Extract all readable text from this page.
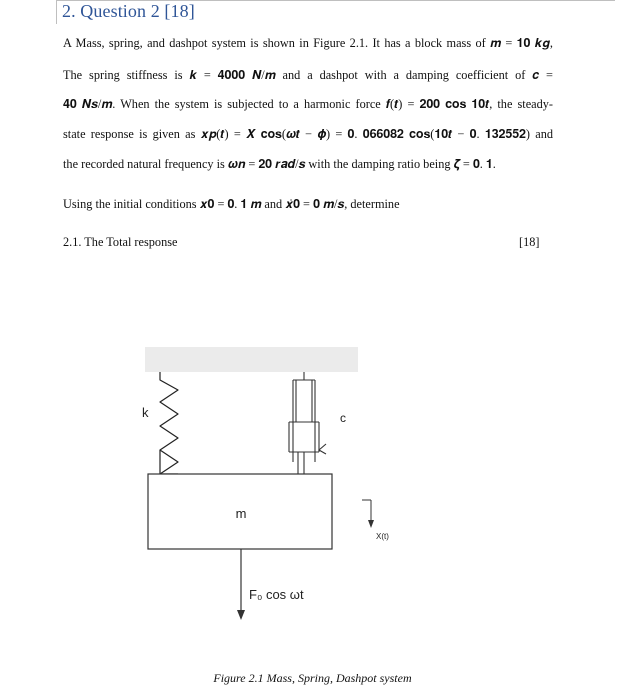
2. Question 2 [18]
A Mass, spring, and dashpot system is shown in Figure 2.1. It has a block mass of 𝒎 = 𝟏𝟎 𝒌𝒈,
The spring stiffness is 𝒌 = 𝟒𝟎𝟎𝟎 𝑵/𝒎 and a dashpot with a damping coefficient of 𝒄 =
𝟒𝟎 𝑵𝒔/𝒎. When the system is subjected to a harmonic force 𝒇(𝒕) = 𝟐𝟎𝟎 𝐜𝐨𝐬 𝟏𝟎𝒕, the steady-
state response is given as 𝒙𝒑(𝒕) = 𝑿 𝐜𝐨𝐬(𝝎𝒕 − 𝝓) = 𝟎. 𝟎𝟔𝟔𝟎𝟖𝟐 𝐜𝐨𝐬(𝟏𝟎𝒕 − 𝟎. 𝟏𝟑𝟐𝟓𝟓𝟐) and
the recorded natural frequency is 𝝎𝒏 = 𝟐𝟎 𝒓𝒂𝒅/𝒔 with the damping ratio being 𝜻 = 𝟎. 𝟏.
Using the initial conditions 𝒙𝟎 = 𝟎. 𝟏 𝒎 and 𝒙̇𝟎 = 𝟎 𝒎/𝒔, determine
2.1. The Total response	[18]
k	c
m
X(t)
F₀ cos ωt
Figure 2.1 Mass, Spring, Dashpot system
